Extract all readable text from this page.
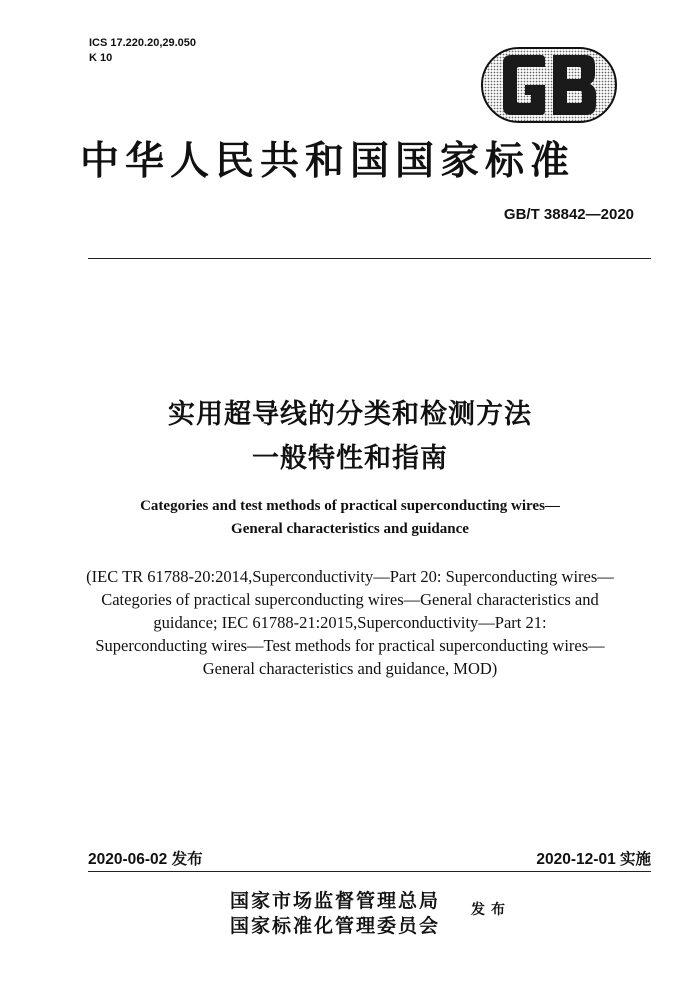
ICS 17.220.20,29.050
K 10
中华人民共和国国家标准
GB/T 38842—2020
实用超导线的分类和检测方法
一般特性和指南
Categories and test methods of practical superconducting wires—
General characteristics and guidance
(IEC TR 61788-20:2014,Superconductivity—Part 20: Superconducting wires—
Categories of practical superconducting wires—General characteristics and
guidance; IEC 61788-21:2015,Superconductivity—Part 21:
Superconducting wires—Test methods for practical superconducting wires—
General characteristics and guidance, MOD)
2020-06-02 发布	2020-12-01 实施
国家市场监督管理总局
国家标准化管理委员会
发布
